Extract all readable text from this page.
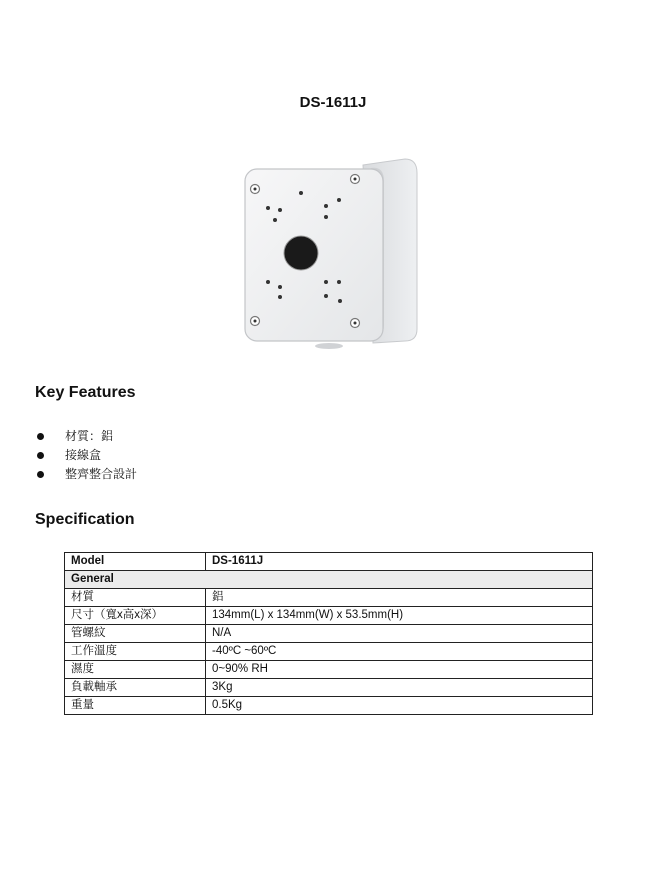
DS-1611J
Key Features
材質：鋁
接線盒
整齊整合設計
Specification
Model	DS-1611J
General	
材質	鋁
尺寸（寬x高x深）	134mm(L) x 134mm(W) x 53.5mm(H)
管螺紋	N/A
工作溫度	-40ºC ~60ºC
濕度	0~90% RH
負載軸承	3Kg
重量	0.5Kg
